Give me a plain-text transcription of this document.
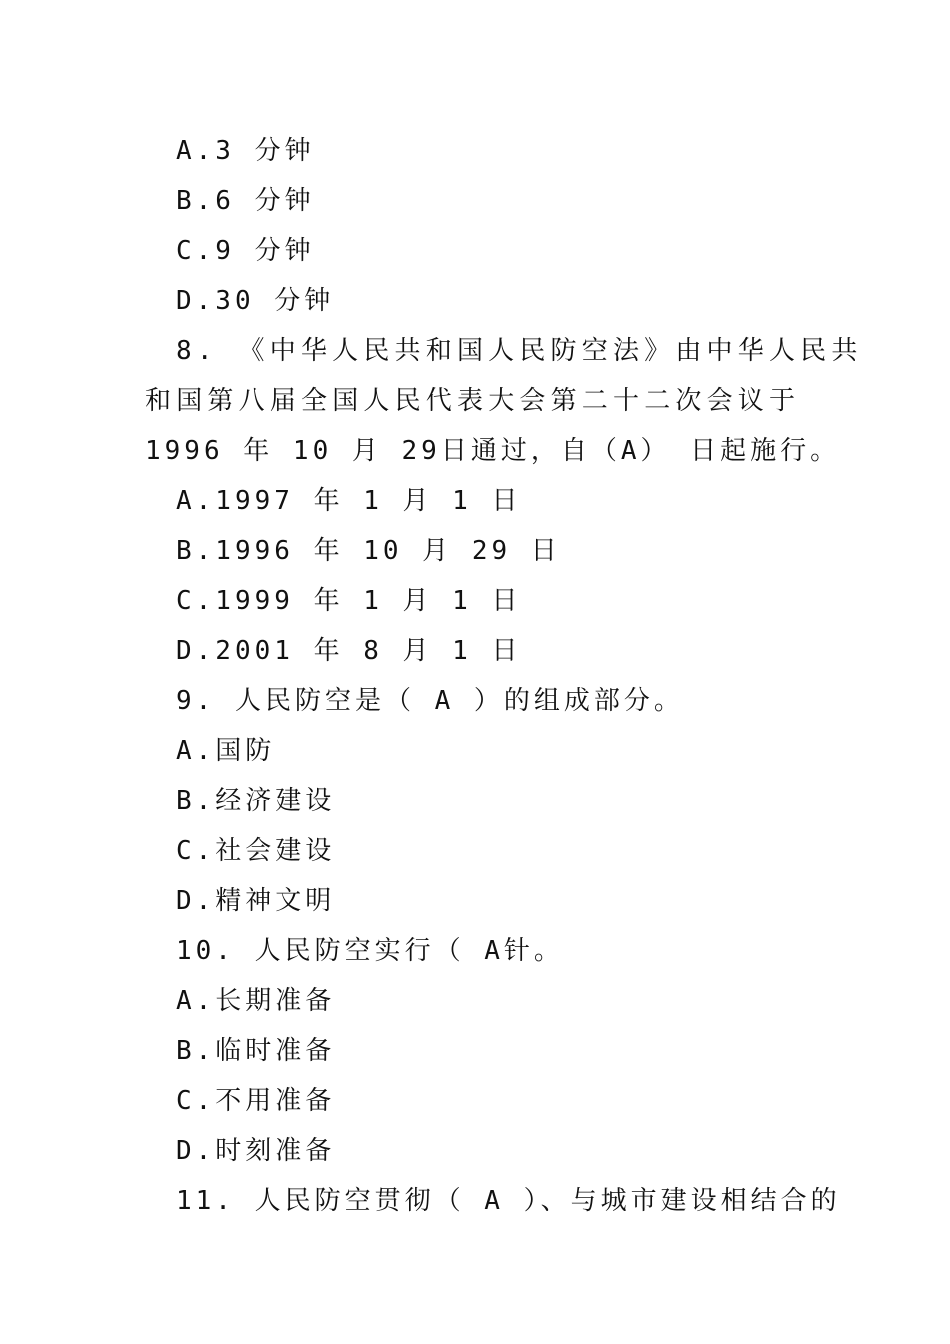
A.3 分钟
B.6 分钟
C.9 分钟
D.30 分钟
8. 《中华人民共和国人民防空法》由中华人民共
和国第八届全国人民代表大会第二十二次会议于
1996 年 10 月 29日通过，自（A） 日起施行。
A.1997 年 1 月 1 日
B.1996 年 10 月 29 日
C.1999 年 1 月 1 日
D.2001 年 8 月 1 日
9. 人民防空是（ A ）的组成部分。
A.国防
B.经济建设
C.社会建设
D.精神文明
10. 人民防空实行（ A针。
A.长期准备
B.临时准备
C.不用准备
D.时刻准备
11. 人民防空贯彻（ A ）、与城市建设相结合的
